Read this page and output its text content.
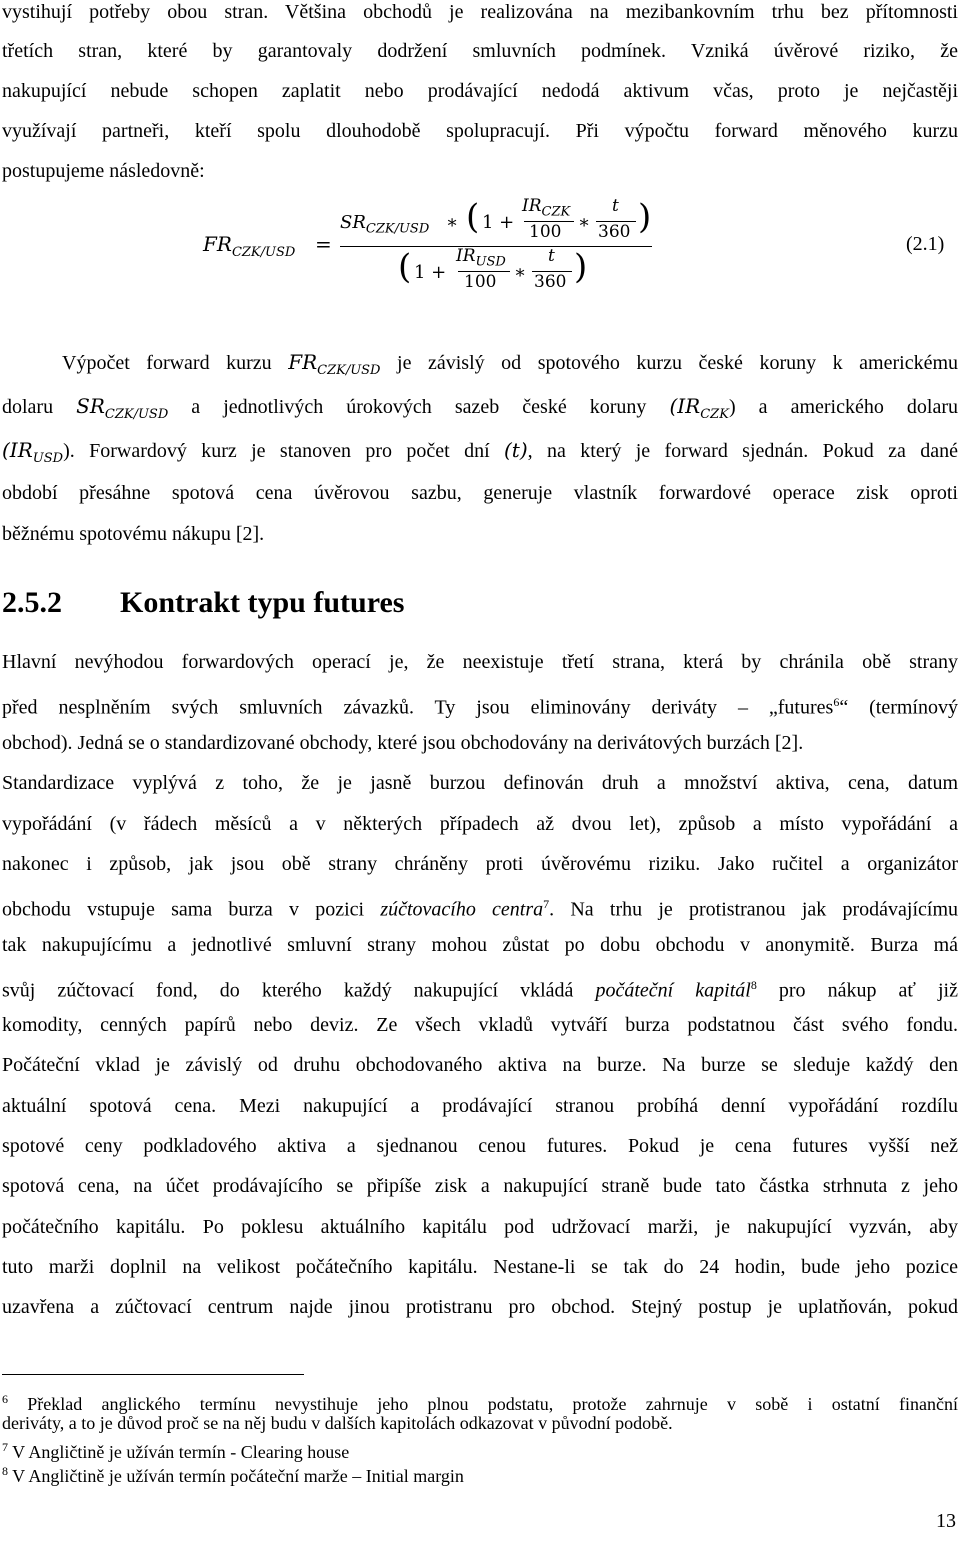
vystihují potřeby obou stran. Většina obchodů je realizována na mezibankovním trhu bez přítomnosti
třetích stran, které by garantovaly dodržení smluvních podmínek. Vzniká úvěrové riziko, že
nakupující nebude schopen zaplatit nebo prodávající nedodá aktivum včas, proto je nejčastěji
využívají partneři, kteří spolu dlouhodobě spolupracují. Při výpočtu forward měnového kurzu
postupujeme následovně:
$FR_{CZK/USD}$ =
$SR_{CZK/USD}$ ∗ ( 1 +
$IR_{CZK}$
100 ∗
t
360 )
( 1 +
$IR_{USD}$
100 ∗
t
360 )
(2.1)
Výpočet forward kurzu $FR_{CZK/USD}$ je závislý od spotového kurzu české koruny k americkému
dolaru $SR_{CZK/USD}$ a jednotlivých úrokových sazeb české koruny $(IR_{CZK})$ a amerického dolaru
$(IR_{USD})$. Forwardový kurz je stanoven pro počet dní (t), na který je forward sjednán. Pokud za dané
období přesáhne spotová cena úvěrovou sazbu, generuje vlastník forwardové operace zisk oproti
běžnému spotovému nákupu [2].
2.5.2 Kontrakt typu futures
Hlavní nevýhodou forwardových operací je, že neexistuje třetí strana, která by chránila obě strany
před nesplněním svých smluvních závazků. Ty jsou eliminovány deriváty – „futures$^6$“ (termínový
obchod). Jedná se o standardizované obchody, které jsou obchodovány na derivátových burzách [2].
Standardizace vyplývá z toho, že je jasně burzou definován druh a množství aktiva, cena, datum
vypořádání (v řádech měsíců a v některých případech až dvou let), způsob a místo vypořádání a
nakonec i způsob, jak jsou obě strany chráněny proti úvěrovému riziku. Jako ručitel a organizátor
obchodu vstupuje sama burza v pozici zúčtovacího centra$^7$. Na trhu je protistranou jak prodávajícímu
tak nakupujícímu a jednotlivé smluvní strany mohou zůstat po dobu obchodu v anonymitě. Burza má
svůj zúčtovací fond, do kterého každý nakupující vkládá počáteční kapitál$^8$ pro nákup ať již
komodity, cenných papírů nebo deviz. Ze všech vkladů vytváří burza podstatnou část svého fondu.
Počáteční vklad je závislý od druhu obchodovaného aktiva na burze. Na burze se sleduje každý den
aktuální spotová cena. Mezi nakupující a prodávající stranou probíhá denní vypořádání rozdílu
spotové ceny podkladového aktiva a sjednanou cenou futures. Pokud je cena futures vyšší než
spotová cena, na účet prodávajícího se připíše zisk a nakupující straně bude tato částka strhnuta z jeho
počátečního kapitálu. Po poklesu aktuálního kapitálu pod udržovací marži, je nakupující vyzván, aby
tuto marži doplnil na velikost počátečního kapitálu. Nestane-li se tak do 24 hodin, bude jeho pozice
uzavřena a zúčtovací centrum najde jinou protistranu pro obchod. Stejný postup je uplatňován, pokud
$^6$ Překlad anglického termínu nevystihuje jeho plnou podstatu, protože zahrnuje v sobě i ostatní finanční
deriváty, a to je důvod proč se na něj budu v dalších kapitolách odkazovat v původní podobě.
$^7$ V Angličtině je užíván termín - Clearing house
$^8$ V Angličtině je užíván termín počáteční marže – Initial margin
13
